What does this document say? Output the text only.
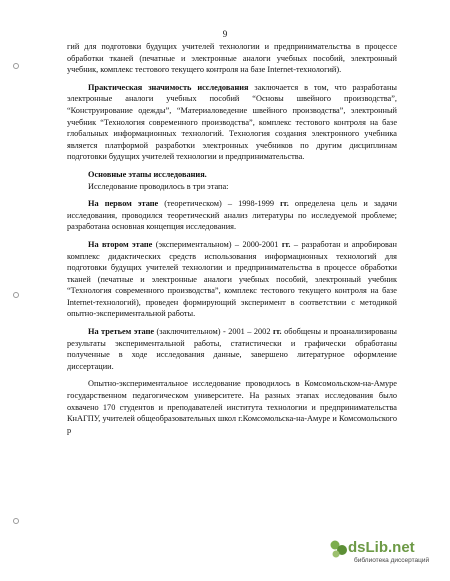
9

гий для подготовки будущих учителей технологии и предпринимательства в процессе обработки тканей (печатные и электронные аналоги учебных пособий, электронный учебник, комплекс тестового текущего контроля на базе Internet-технологий).

Практическая значимость исследования заключается в том, что разработаны электронные аналоги учебных пособий “Основы швейного производства”, “Конструирование одежды”, “Материаловедение швейного производства”, электронный учебник “Технология современного производства”, комплекс тестового контроля на базе глобальных информационных технологий. Технология создания электронного учебника является платформой разработки электронных учебников по другим дисциплинам подготовки будущих учителей технологии и предпринимательства.

Основные этапы исследования.

Исследование проводилось в три этапа:

На первом этапе (теоретическом) – 1998-1999 гг. определена цель и задачи исследования, проводился теоретический анализ литературы по исследуемой проблеме; разработана основная концепция исследования.

На втором этапе (экспериментальном) – 2000-2001 гг. – разработан и апробирован комплекс дидактических средств использования информационных технологий для подготовки будущих учителей технологии и предпринимательства в процессе обработки тканей (печатные и электронные аналоги учебных пособий, электронный учебник “Технология современного производства”, комплекс тестового текущего контроля на базе Internet-технологий), проведен формирующий эксперимент в соответствии с методикой опытно-экспериментальной работы.

На третьем этапе (заключительном) - 2001 – 2002 гг. обобщены и проанализированы результаты экспериментальной работы, статистически и графически обработаны полученные в ходе исследования данные, завершено литературное оформление диссертации.

Опытно-экспериментальное исследование проводилось в Комсомольском-на-Амуре государственном педагогическом университете. На разных этапах исследования было охвачено 170 студентов и преподавателей института технологии и предпринимательства КнАГПУ, учителей общеобразовательных школ г.Комсомольска-на-Амуре и Комсомольского р

dsLib.net
библиотека диссертаций
